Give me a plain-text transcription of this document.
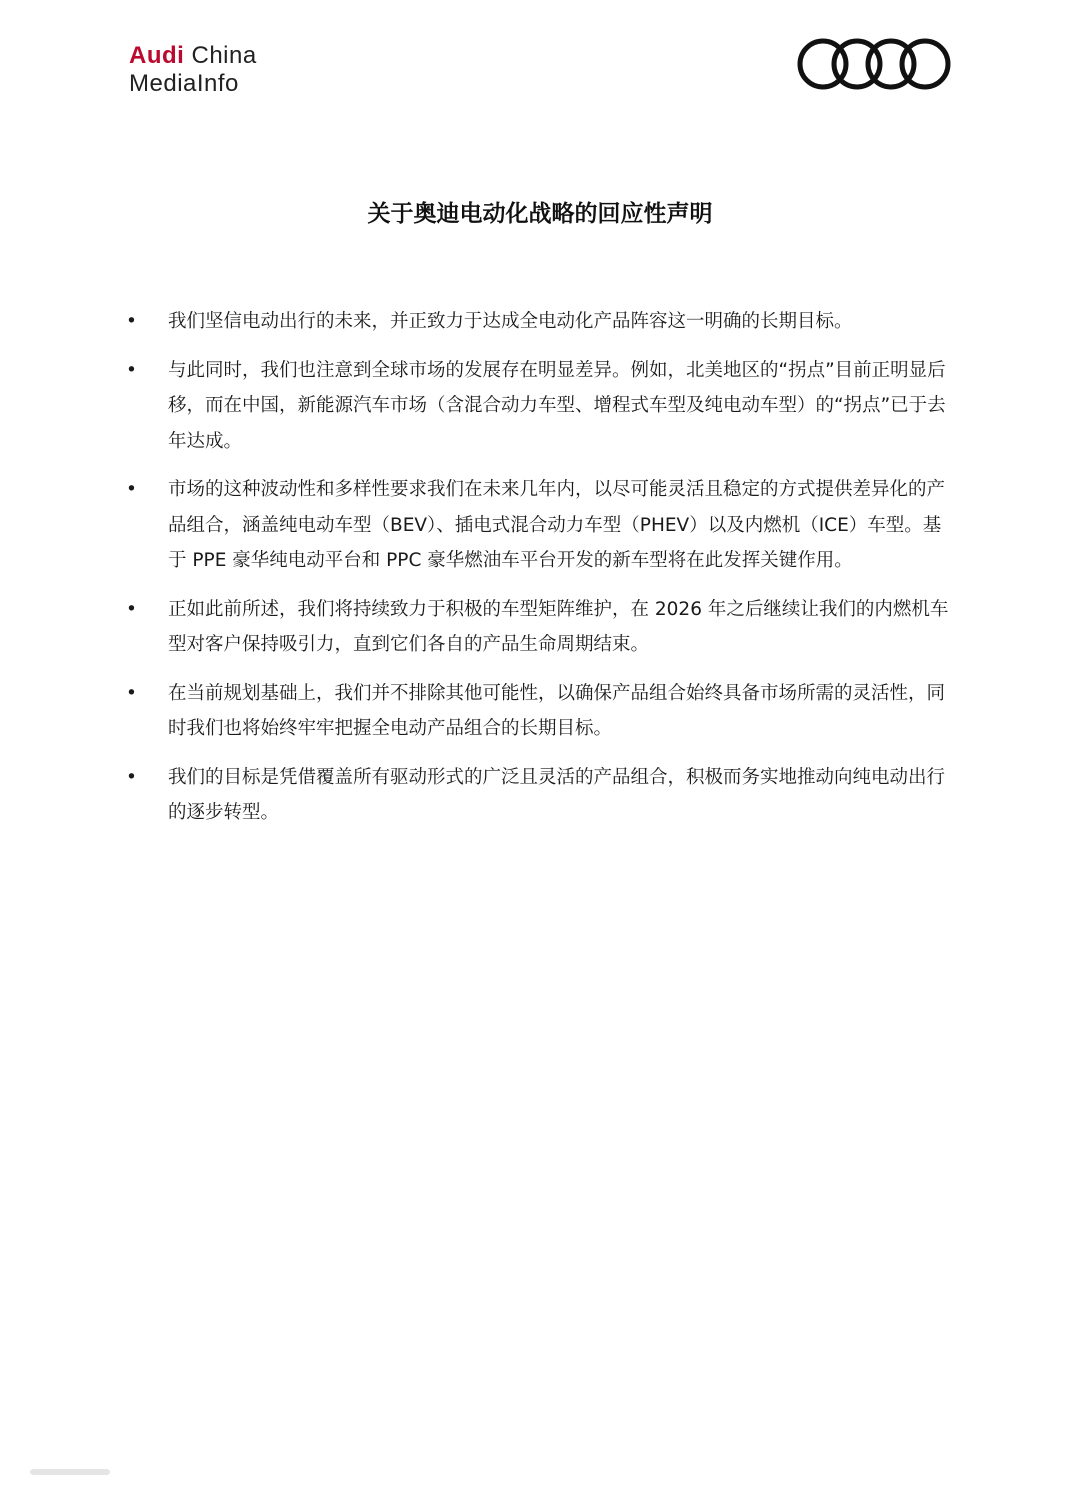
Audi China
MediaInfo
关于奥迪电动化战略的回应性声明
• 我们坚信电动出行的未来，并正致力于达成全电动化产品阵容这一明确的长期目标。
• 与此同时，我们也注意到全球市场的发展存在明显差异。例如，北美地区的“拐点”目前正明显后移，而在中国，新能源汽车市场（含混合动力车型、增程式车型及纯电动车型）的“拐点”已于去年达成。
• 市场的这种波动性和多样性要求我们在未来几年内，以尽可能灵活且稳定的方式提供差异化的产品组合，涵盖纯电动车型（BEV）、插电式混合动力车型（PHEV）以及内燃机（ICE）车型。基于 PPE 豪华纯电动平台和 PPC 豪华燃油车平台开发的新车型将在此发挥关键作用。
• 正如此前所述，我们将持续致力于积极的车型矩阵维护，在 2026 年之后继续让我们的内燃机车型对客户保持吸引力，直到它们各自的产品生命周期结束。
• 在当前规划基础上，我们并不排除其他可能性，以确保产品组合始终具备市场所需的灵活性，同时我们也将始终牢牢把握全电动产品组合的长期目标。
• 我们的目标是凭借覆盖所有驱动形式的广泛且灵活的产品组合，积极而务实地推动向纯电动出行的逐步转型。
